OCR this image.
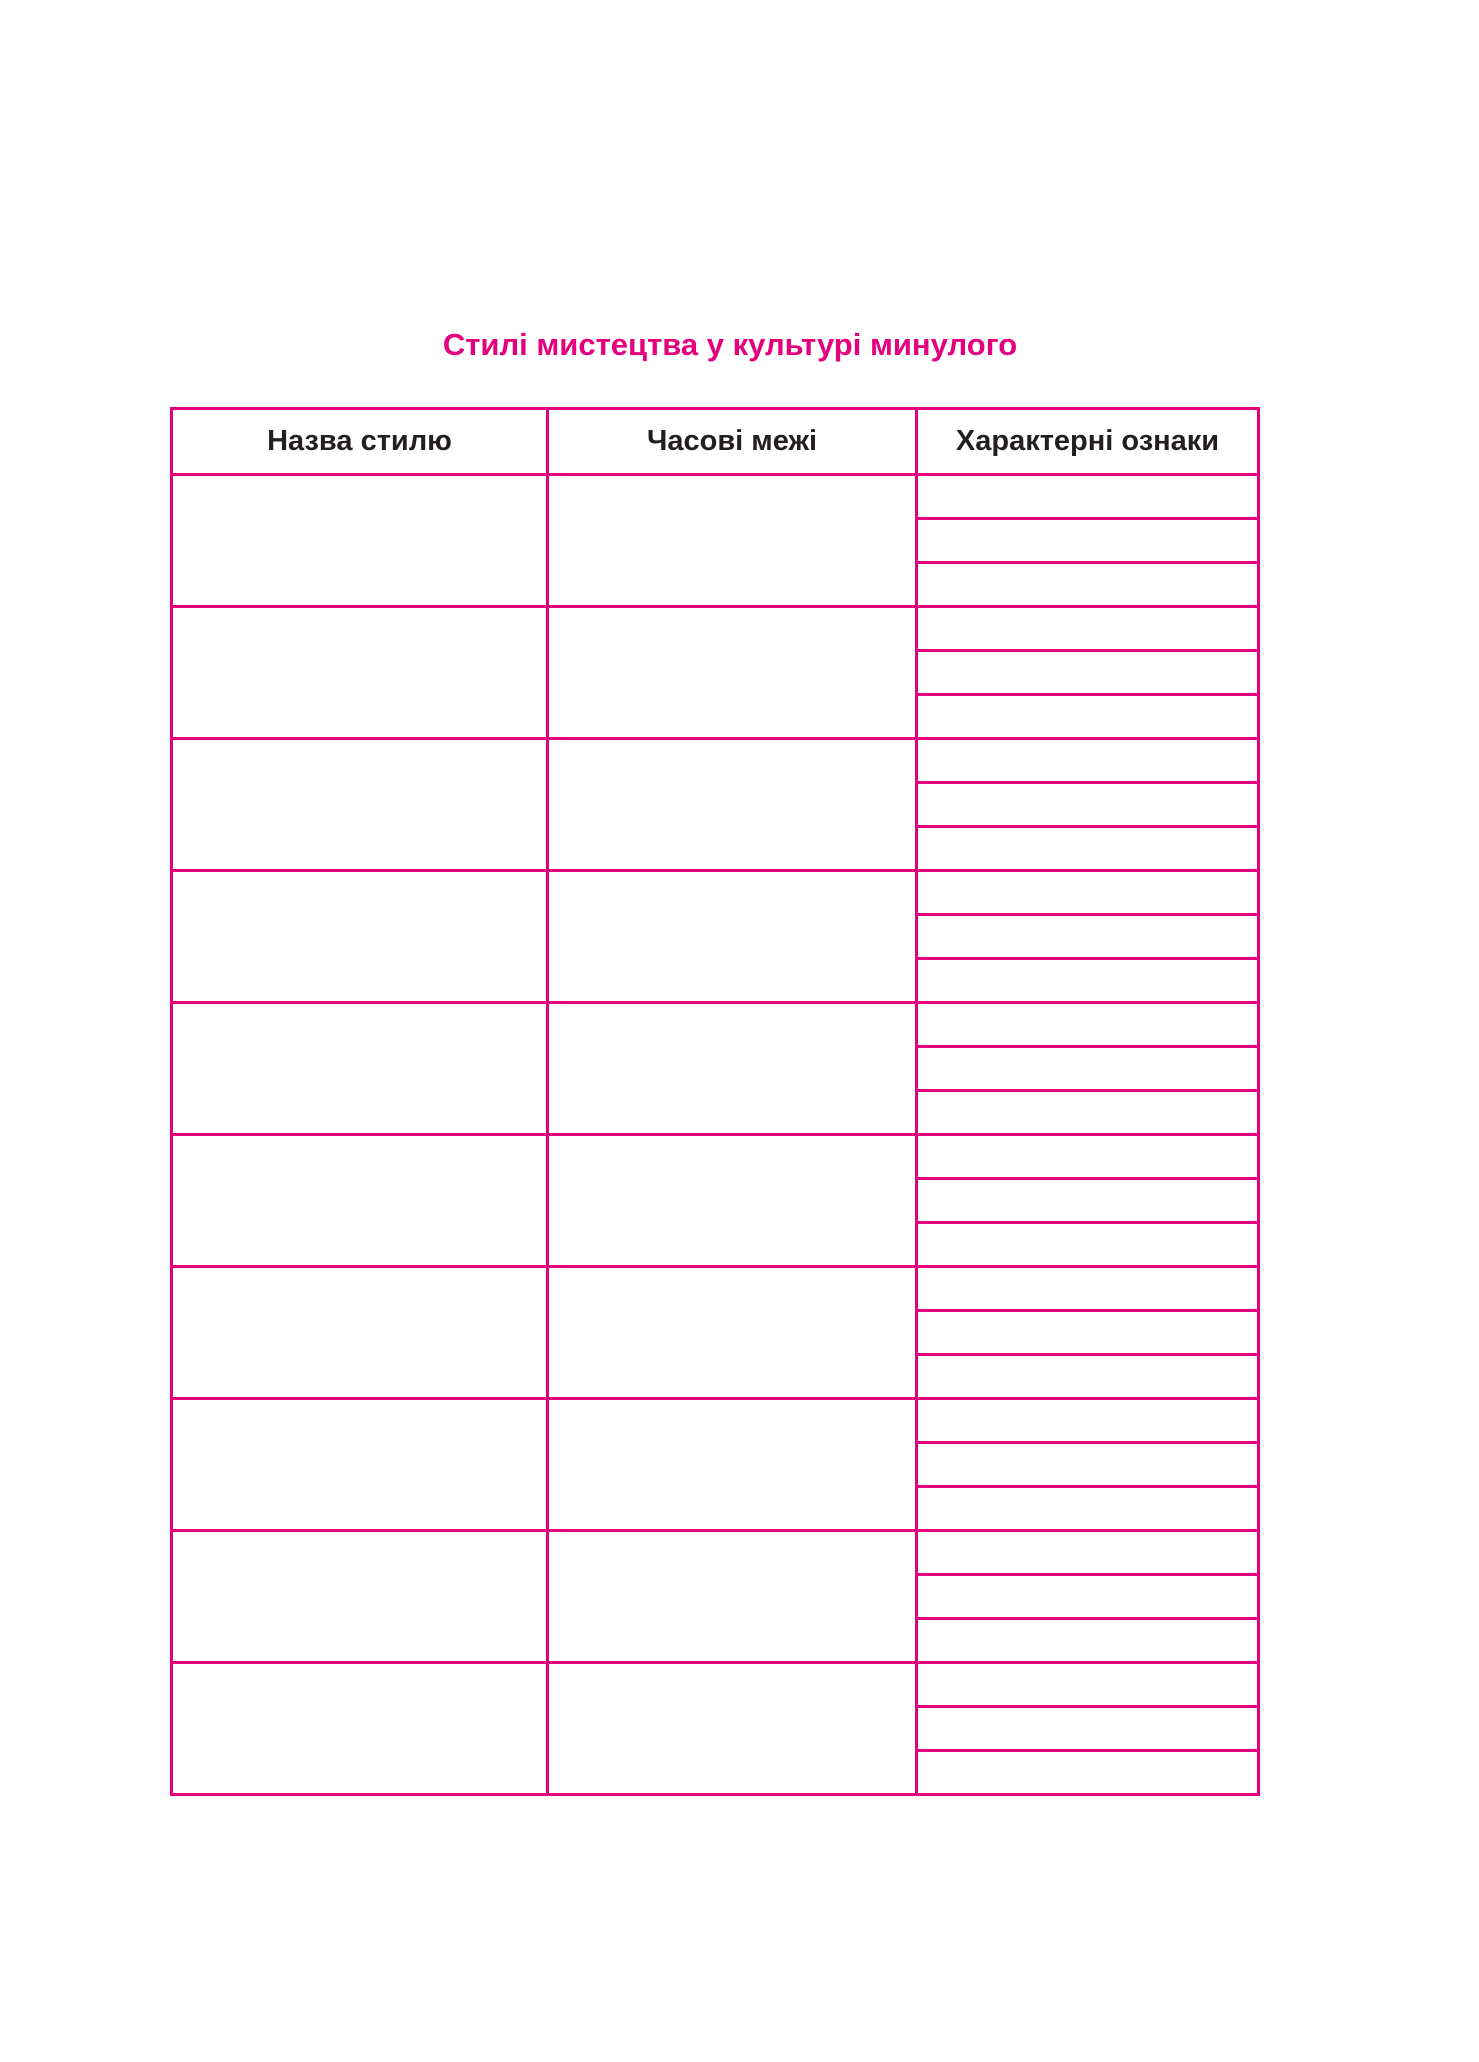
Стилі мистецтва у культурі минулого
Назва стилю	Часові межі	Характерні ознаки
